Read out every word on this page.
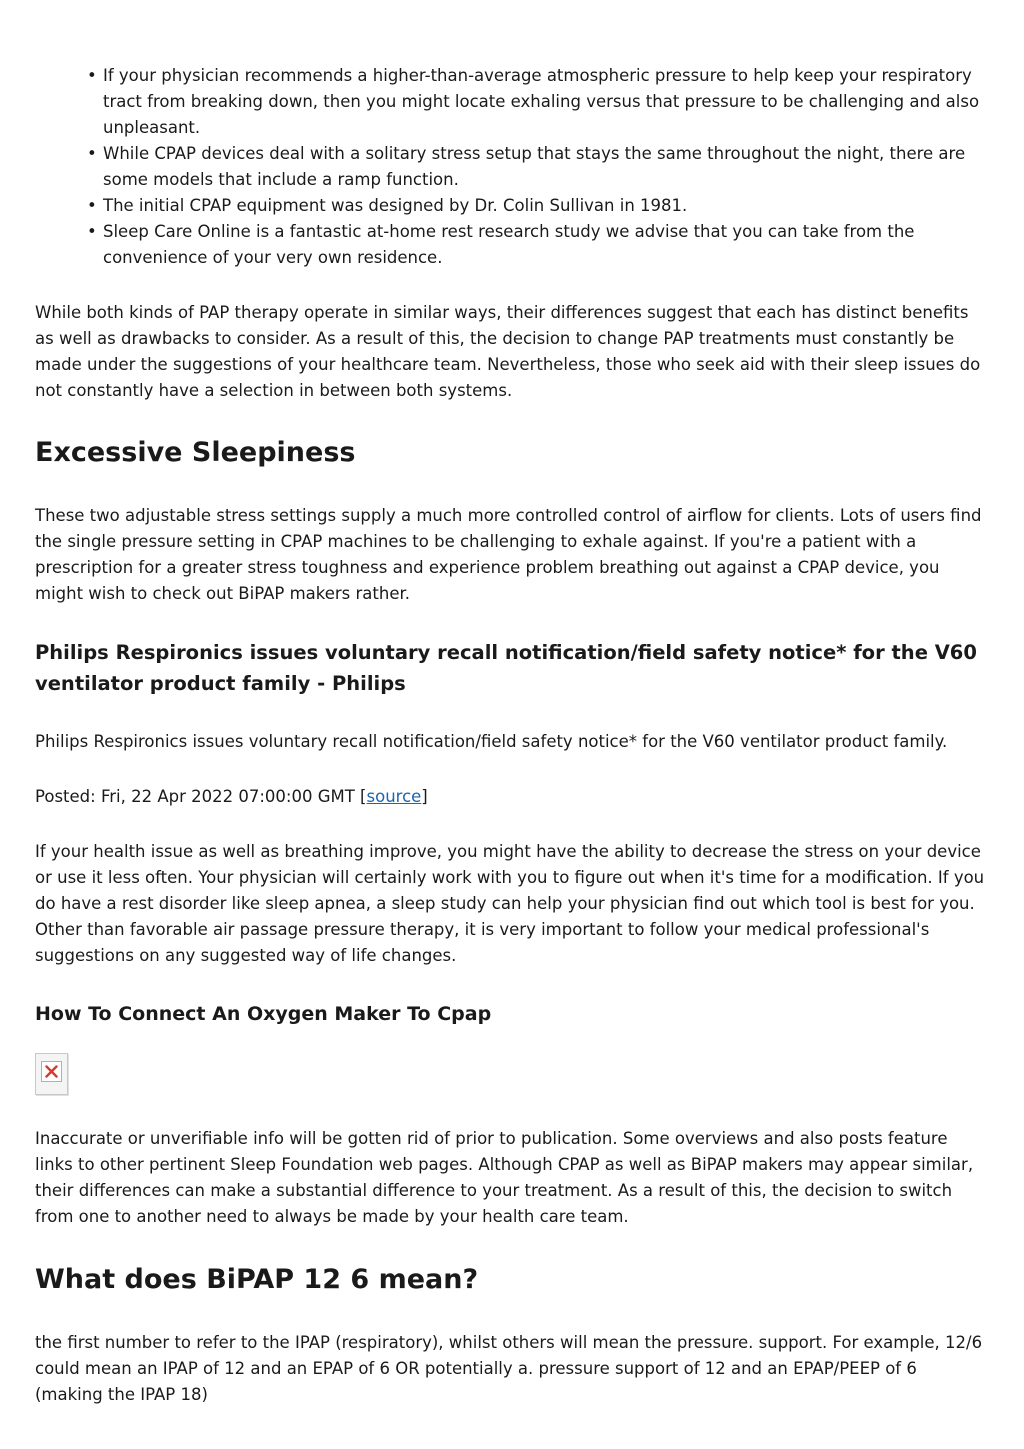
• If your physician recommends a higher-than-average atmospheric pressure to help keep your respiratory tract from breaking down, then you might locate exhaling versus that pressure to be challenging and also unpleasant.
• While CPAP devices deal with a solitary stress setup that stays the same throughout the night, there are some models that include a ramp function.
• The initial CPAP equipment was designed by Dr. Colin Sullivan in 1981.
• Sleep Care Online is a fantastic at-home rest research study we advise that you can take from the convenience of your very own residence.

While both kinds of PAP therapy operate in similar ways, their differences suggest that each has distinct benefits as well as drawbacks to consider. As a result of this, the decision to change PAP treatments must constantly be made under the suggestions of your healthcare team. Nevertheless, those who seek aid with their sleep issues do not constantly have a selection in between both systems.

Excessive Sleepiness

These two adjustable stress settings supply a much more controlled control of airflow for clients. Lots of users find the single pressure setting in CPAP machines to be challenging to exhale against. If you're a patient with a prescription for a greater stress toughness and experience problem breathing out against a CPAP device, you might wish to check out BiPAP makers rather.

Philips Respironics issues voluntary recall notification/field safety notice* for the V60 ventilator product family - Philips

Philips Respironics issues voluntary recall notification/field safety notice* for the V60 ventilator product family.

Posted: Fri, 22 Apr 2022 07:00:00 GMT [source]

If your health issue as well as breathing improve, you might have the ability to decrease the stress on your device or use it less often. Your physician will certainly work with you to figure out when it's time for a modification. If you do have a rest disorder like sleep apnea, a sleep study can help your physician find out which tool is best for you. Other than favorable air passage pressure therapy, it is very important to follow your medical professional's suggestions on any suggested way of life changes.

How To Connect An Oxygen Maker To Cpap

Inaccurate or unverifiable info will be gotten rid of prior to publication. Some overviews and also posts feature links to other pertinent Sleep Foundation web pages. Although CPAP as well as BiPAP makers may appear similar, their differences can make a substantial difference to your treatment. As a result of this, the decision to switch from one to another need to always be made by your health care team.

What does BiPAP 12 6 mean?

the first number to refer to the IPAP (respiratory), whilst others will mean the pressure. support. For example, 12/6 could mean an IPAP of 12 and an EPAP of 6 OR potentially a. pressure support of 12 and an EPAP/PEEP of 6 (making the IPAP 18)
